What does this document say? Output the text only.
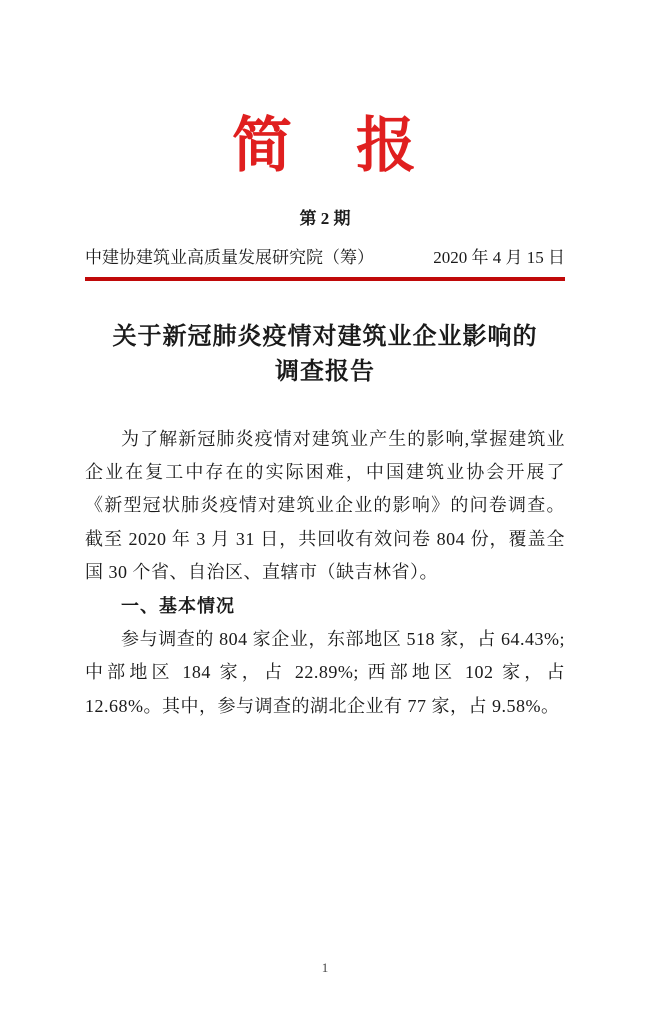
简　报
第 2 期
中建协建筑业高质量发展研究院（筹）	2020 年 4 月 15 日
关于新冠肺炎疫情对建筑业企业影响的
调查报告

为了解新冠肺炎疫情对建筑业产生的影响,掌握建筑业企业在复工中存在的实际困难，中国建筑业协会开展了《新型冠状肺炎疫情对建筑业企业的影响》的问卷调查。截至 2020 年 3 月 31 日，共回收有效问卷 804 份，覆盖全国 30 个省、自治区、直辖市（缺吉林省）。

一、基本情况

参与调查的 804 家企业，东部地区 518 家，占 64.43%; 中部地区 184 家，占 22.89%; 西部地区 102 家，占 12.68%。其中，参与调查的湖北企业有 77 家，占 9.58%。

1
